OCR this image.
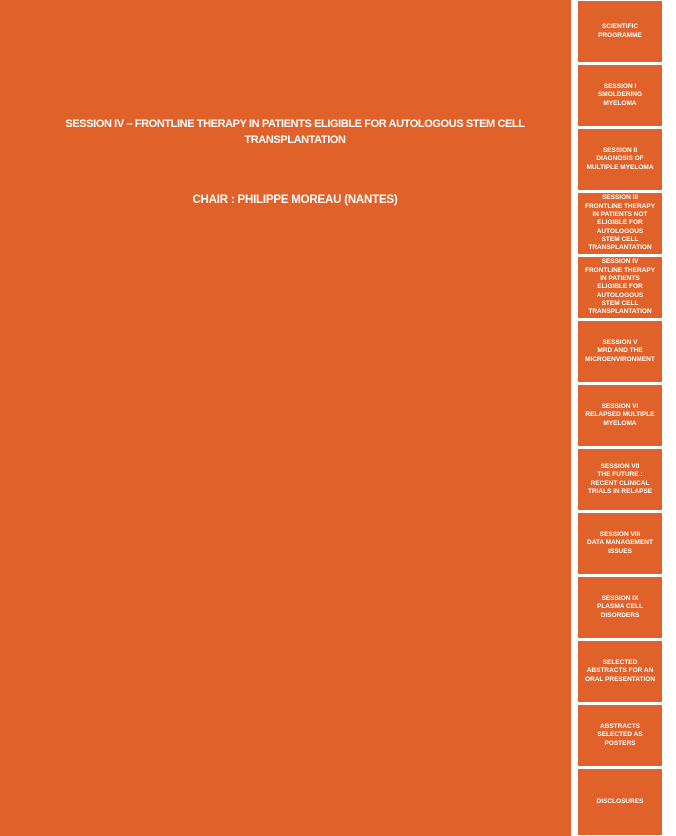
SESSION IV – FRONTLINE THERAPY IN PATIENTS ELIGIBLE FOR AUTOLOGOUS STEM CELL TRANSPLANTATION
CHAIR : PHILIPPE MOREAU (NANTES)
SCIENTIFIC
PROGRAMME
SESSION I
SMOLDERING
MYELOMA
SESSION II
DIAGNOSIS OF
MULTIPLE MYELOMA
SESSION III
FRONTLINE THERAPY
IN PATIENTS NOT
ELIGIBLE FOR
AUTOLOGOUS
STEM CELL
TRANSPLANTATION
SESSION IV
FRONTLINE THERAPY
IN PATIENTS
ELIGIBLE FOR
AUTOLOGOUS
STEM CELL
TRANSPLANTATION
SESSION V
MRD AND THE
MICROENVIRONMENT
SESSION VI
RELAPSED MULTIPLE
MYELOMA
SESSION VII
THE FUTURE :
RECENT CLINICAL
TRIALS IN RELAPSE
SESSION VIII
DATA MANAGEMENT
ISSUES
SESSION IX
PLASMA CELL
DISORDERS
SELECTED
ABSTRACTS FOR AN
ORAL PRESENTATION
ABSTRACTS
SELECTED AS
POSTERS
DISCLOSURES
